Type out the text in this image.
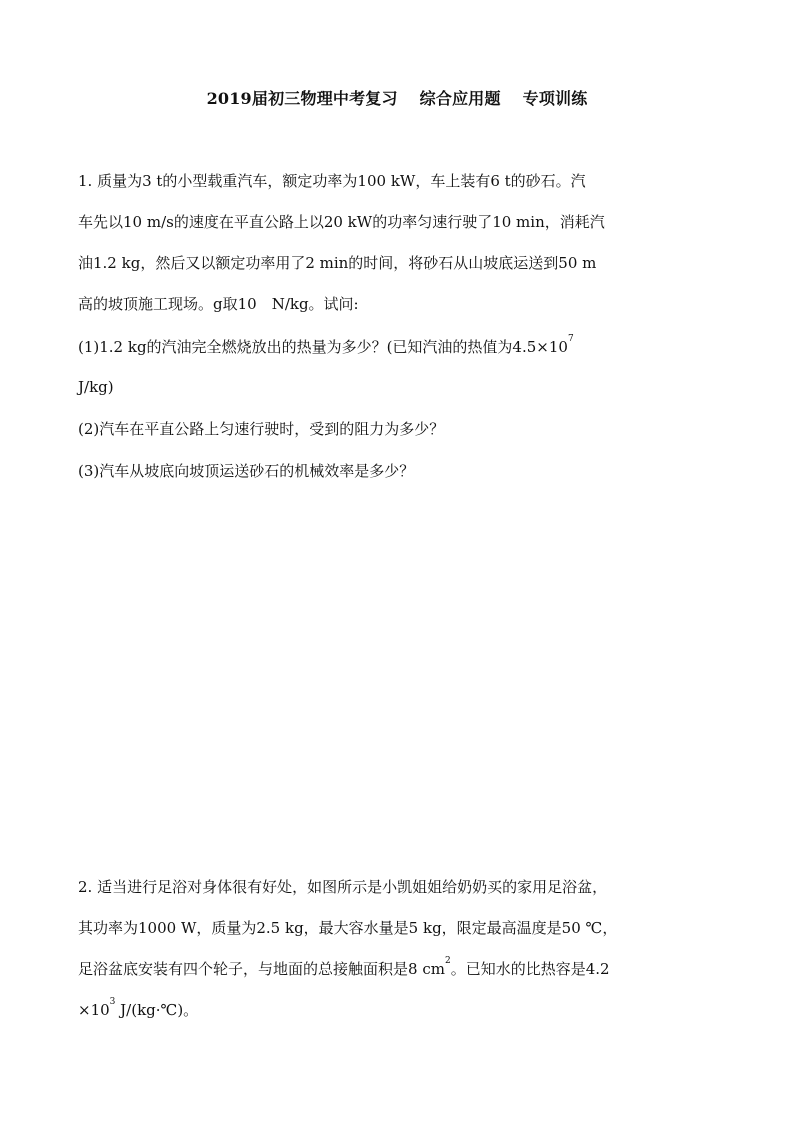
2019届初三物理中考复习　 综合应用题　 专项训练
1. 质量为3 t的小型载重汽车，额定功率为100 kW，车上装有6 t的砂石。汽
车先以10 m/s的速度在平直公路上以20 kW的功率匀速行驶了10 min，消耗汽
油1.2 kg，然后又以额定功率用了2 min的时间，将砂石从山坡底运送到50 m
高的坡顶施工现场。g取10　N/kg。试问:
(1)1.2 kg的汽油完全燃烧放出的热量为多少？(已知汽油的热值为$4.5\times 10^7$
J/kg)
(2)汽车在平直公路上匀速行驶时，受到的阻力为多少？
(3)汽车从坡底向坡顶运送砂石的机械效率是多少？
2. 适当进行足浴对身体很有好处，如图所示是小凯姐姐给奶奶买的家用足浴盆，
其功率为1000 W，质量为2.5 kg，最大容水量是5 kg，限定最高温度是50 ℃，
足浴盆底安装有四个轮子，与地面的总接触面积是8 $cm^2$。已知水的比热容是4.2
$\times 10^3$ J/(kg·℃)。
